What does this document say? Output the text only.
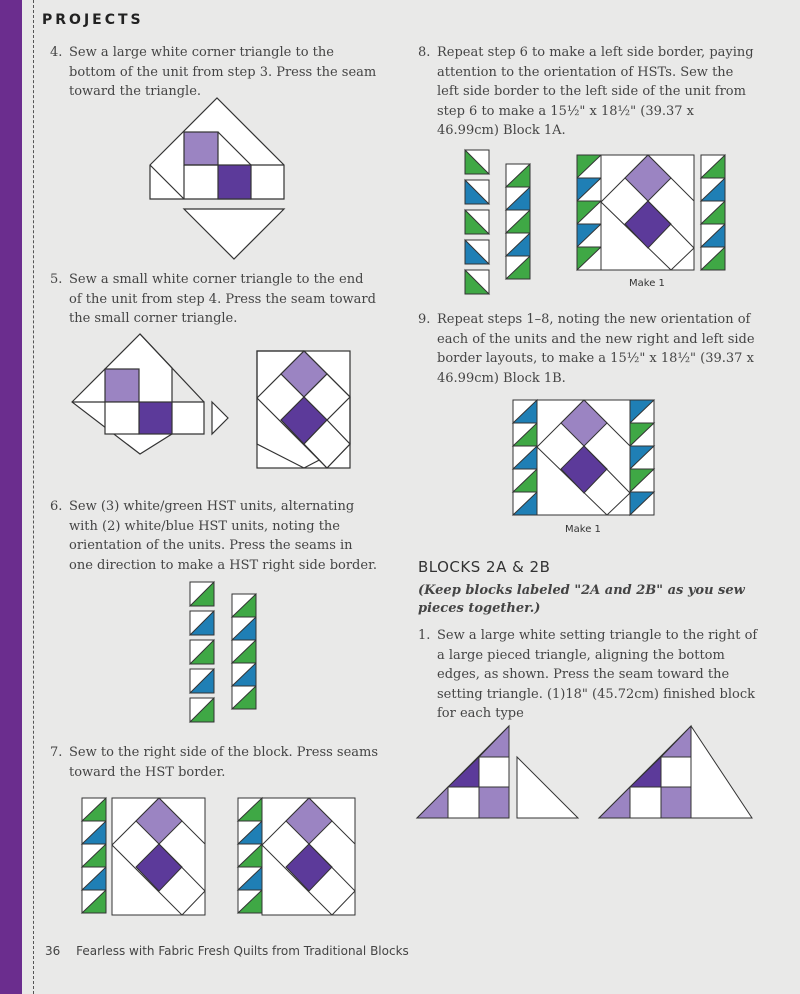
PROJECTS
4. Sew a large white corner triangle to the bottom of the unit from step 3. Press the seam toward the triangle.
5. Sew a small white corner triangle to the end of the unit from step 4. Press the seam toward the small corner triangle.
6. Sew (3) white/green HST units, alternating with (2) white/blue HST units, noting the orientation of the units. Press the seams in one direction to make a HST right side border.
7. Sew to the right side of the block. Press seams toward the HST border.
8. Repeat step 6 to make a left side border, paying attention to the orientation of HSTs. Sew the left side border to the left side of the unit from step 6 to make a 15½" x 18½" (39.37 x 46.99cm) Block 1A.
9. Repeat steps 1–8, noting the new orientation of each of the units and the new right and left side border layouts, to make a 15½" x 18½" (39.37 x 46.99cm) Block 1B.
BLOCKS 2A & 2B
(Keep blocks labeled "2A and 2B" as you sew pieces together.)
1. Sew a large white setting triangle to the right of a large pieced triangle, aligning the bottom edges, as shown. Press the seam toward the setting triangle. (1)18" (45.72cm) finished block for each type
36 Fearless with Fabric Fresh Quilts from Traditional Blocks
Make 1
Make 1
